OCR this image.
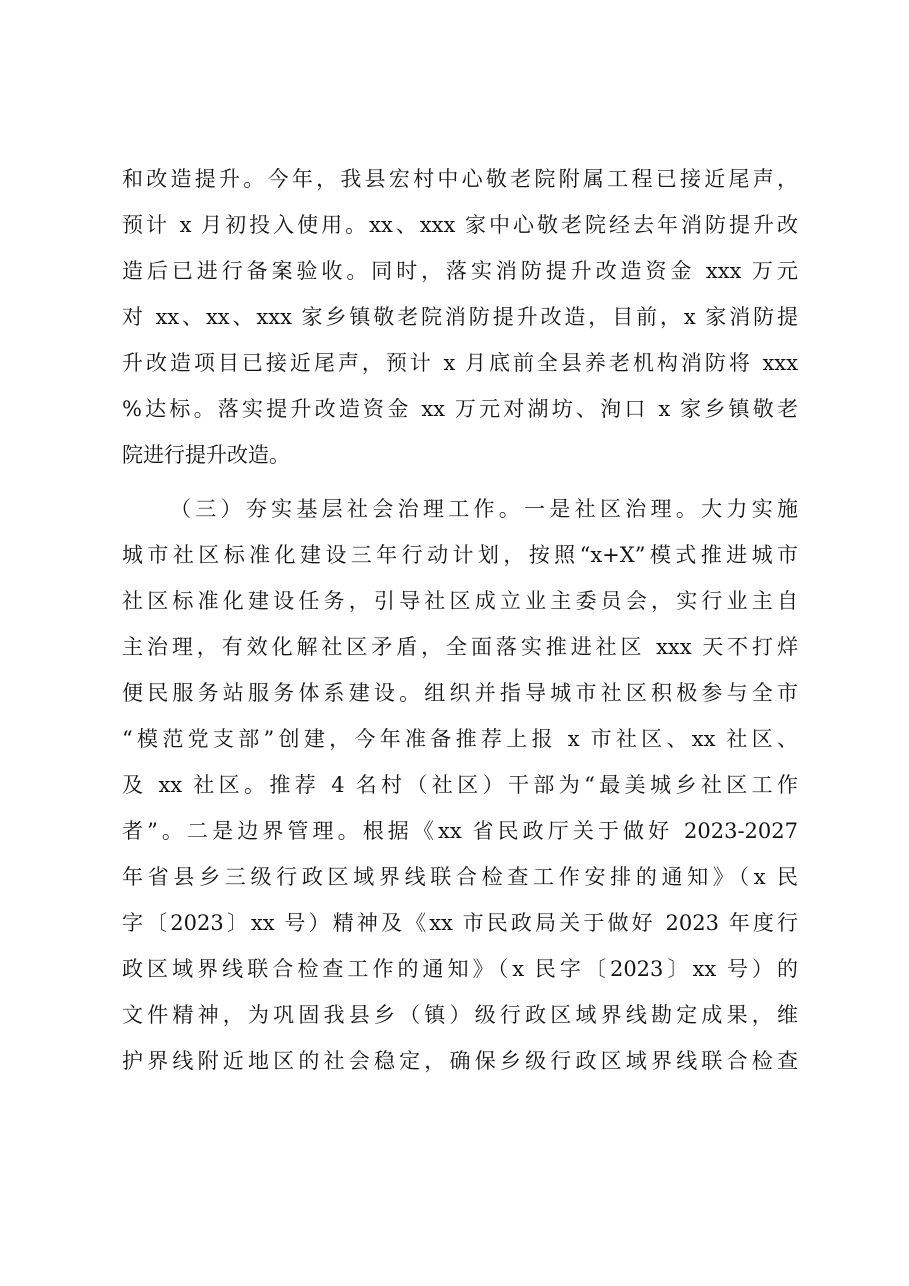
和改造提升。今年，我县宏村中心敬老院附属工程已接近尾声，
预计 x 月初投入使用。xx、xxx 家中心敬老院经去年消防提升改
造后已进行备案验收。同时，落实消防提升改造资金 xxx 万元
对 xx、xx、xxx 家乡镇敬老院消防提升改造，目前，x 家消防提
升改造项目已接近尾声，预计 x 月底前全县养老机构消防将 xxx
%达标。落实提升改造资金 xx 万元对湖坊、洵口 x 家乡镇敬老
院进行提升改造。
（三）夯实基层社会治理工作。一是社区治理。大力实施
城市社区标准化建设三年行动计划，按照“x+X”模式推进城市
社区标准化建设任务，引导社区成立业主委员会，实行业主自
主治理，有效化解社区矛盾，全面落实推进社区 xxx 天不打烊
便民服务站服务体系建设。组织并指导城市社区积极参与全市
“模范党支部”创建，今年准备推荐上报 x 市社区、xx 社区、
及 xx 社区。推荐 4 名村（社区）干部为“最美城乡社区工作
者”。二是边界管理。根据《xx 省民政厅关于做好 2023-2027
年省县乡三级行政区域界线联合检查工作安排的通知》（x 民
字〔2023〕xx 号）精神及《xx 市民政局关于做好 2023 年度行
政区域界线联合检查工作的通知》（x 民字〔2023〕xx 号）的
文件精神，为巩固我县乡（镇）级行政区域界线勘定成果，维
护界线附近地区的社会稳定，确保乡级行政区域界线联合检查
